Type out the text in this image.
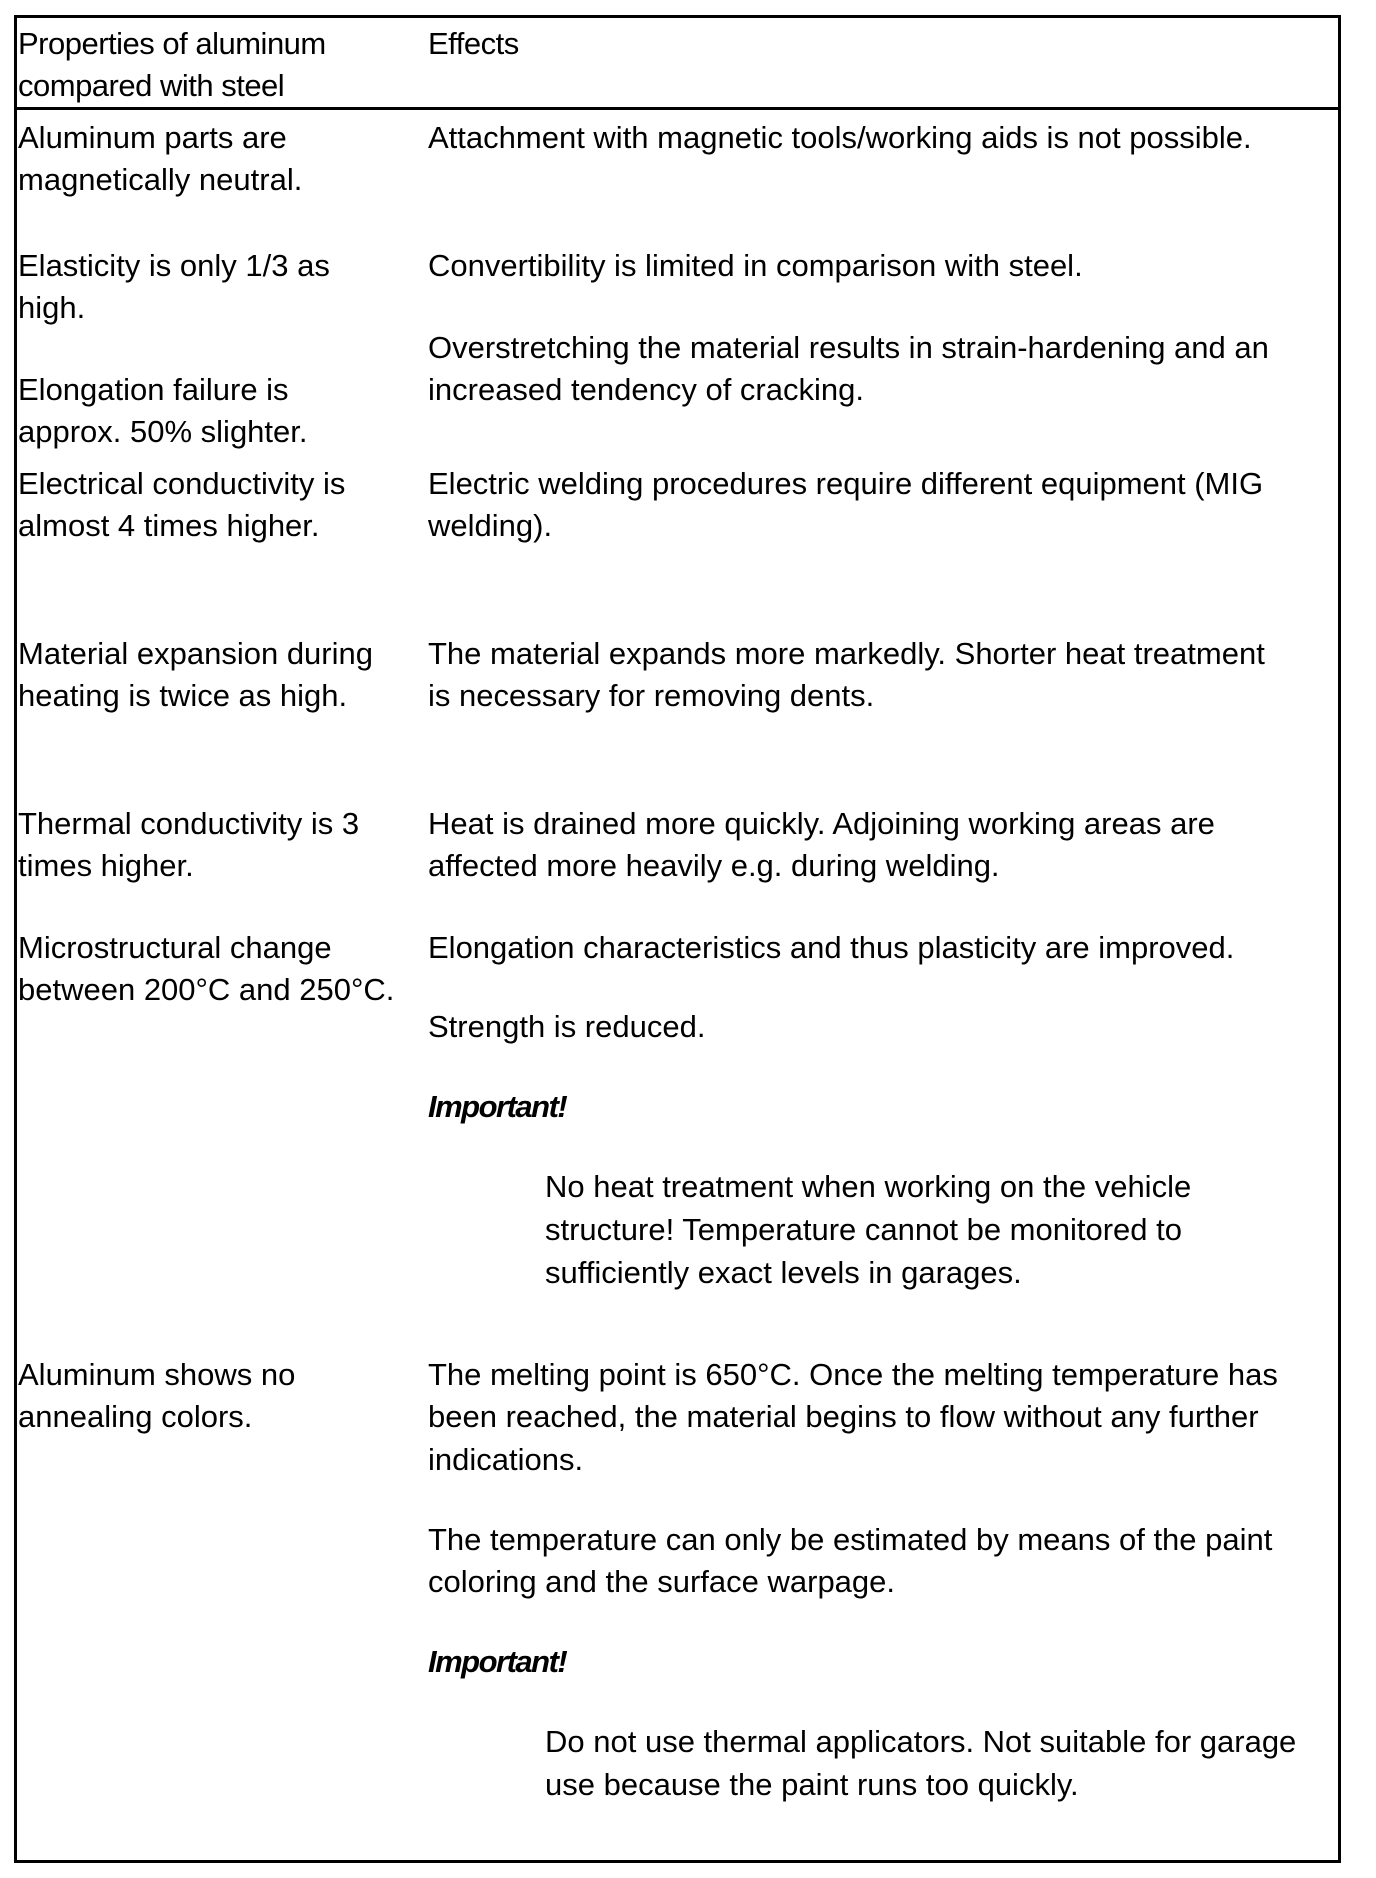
Properties of aluminum

compared with steel

Effects

Aluminum parts are

magnetically neutral.

Attachment with magnetic tools/working aids is not possible.

Elasticity is only 1/3 as

high.

Convertibility is limited in comparison with steel.

Elongation failure is

approx. 50% slighter.

Overstretching the material results in strain-hardening and an

increased tendency of cracking.

Electrical conductivity is

almost 4 times higher.

Electric welding procedures require different equipment (MIG

welding).

Material expansion during

heating is twice as high.

The material expands more markedly. Shorter heat treatment

is necessary for removing dents.

Thermal conductivity is 3

times higher.

Heat is drained more quickly. Adjoining working areas are

affected more heavily e.g. during welding.

Microstructural change

between 200°C and 250°C.

Elongation characteristics and thus plasticity are improved.

Strength is reduced.

Important!

No heat treatment when working on the vehicle

structure! Temperature cannot be monitored to

sufficiently exact levels in garages.

Aluminum shows no

annealing colors.

The melting point is 650°C. Once the melting temperature has

been reached, the material begins to flow without any further

indications.

The temperature can only be estimated by means of the paint

coloring and the surface warpage.

Important!

Do not use thermal applicators. Not suitable for garage

use because the paint runs too quickly.
